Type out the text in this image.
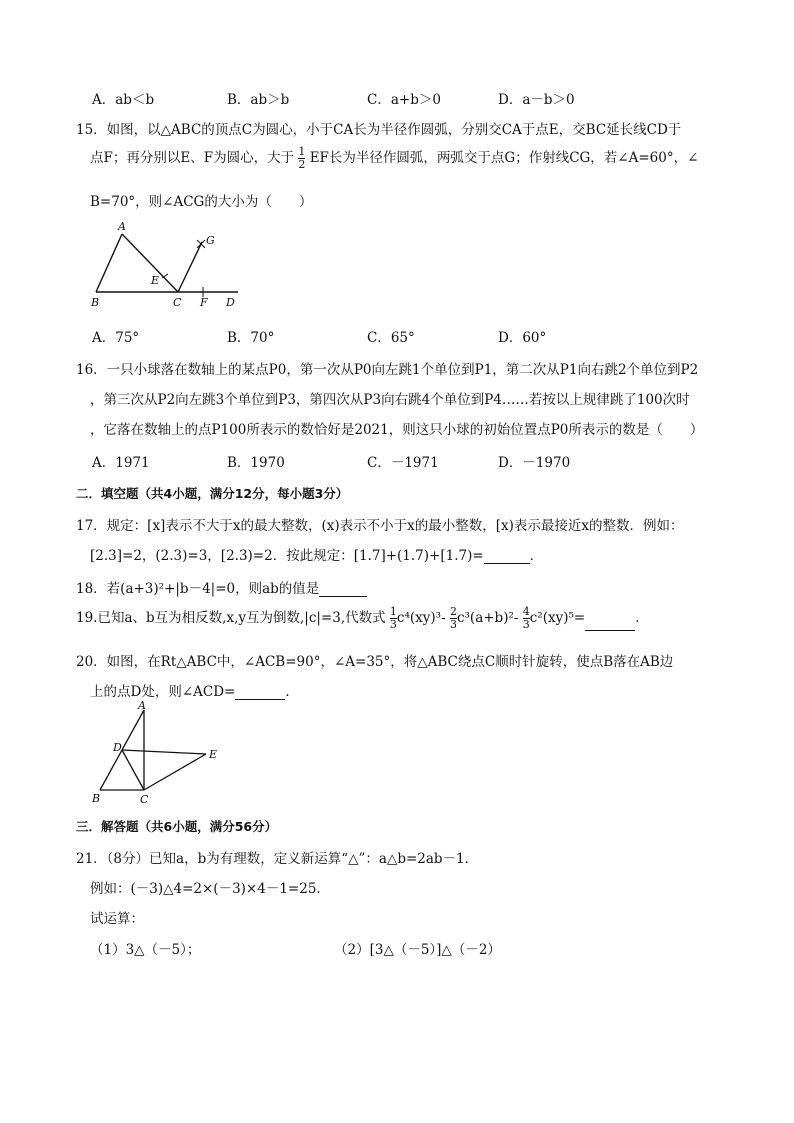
A．ab＜b	B．ab＞b	C．a+b＞0	D．a－b＞0
15．如图，以△ABC的顶点C为圆心，小于CA长为半径作圆弧，分别交CA于点E，交BC延长线CD于
点F；再分别以E、F为圆心，大于 $\frac{1}{2}$ EF长为半径作圆弧，两弧交于点G；作射线CG，若∠A=60°，∠
B=70°，则∠ACG的大小为（　　）
A
G
E
B	C F D
A．75°	B．70°	C．65°	D．60°
16．一只小球落在数轴上的某点P0，第一次从P0向左跳1个单位到P1，第二次从P1向右跳2个单位到P2
，第三次从P2向左跳3个单位到P3，第四次从P3向右跳4个单位到P4……若按以上规律跳了100次时
，它落在数轴上的点P100所表示的数恰好是2021，则这只小球的初始位置点P0所表示的数是（　　）
A．1971	B．1970	C．－1971	D．－1970
二．填空题（共4小题，满分12分，每小题3分）
17．规定：[x]表示不大于x的最大整数，(x)表示不小于x的最小整数，[x)表示最接近x的整数．例如：
[2.3]=2，(2.3)=3，[2.3)=2．按此规定：[1.7]+(1.7)+[1.7)=	．
18．若(a+3)²+|b－4|=0，则ab的值是
19.已知a、b互为相反数,x,y互为倒数,|c|=3,代数式 $\frac{1}{3} c^4(xy)^3- \frac{2}{3} c^3(a+b)^2- \frac{4}{3} c^2(xy)^5=$	．
20．如图，在Rt△ABC中，∠ACB=90°，∠A=35°，将△ABC绕点C顺时针旋转，使点B落在AB边
上的点D处，则∠ACD=	．
A
D
E
B	C
三．解答题（共6小题，满分56分）
21．（8分）已知a，b为有理数，定义新运算“△”：a△b=2ab－1．
例如：(－3)△4=2×(－3)×4－1=25．
试运算：
（1）3△（－5）；	（2）[3△（－5）]△（－2）
